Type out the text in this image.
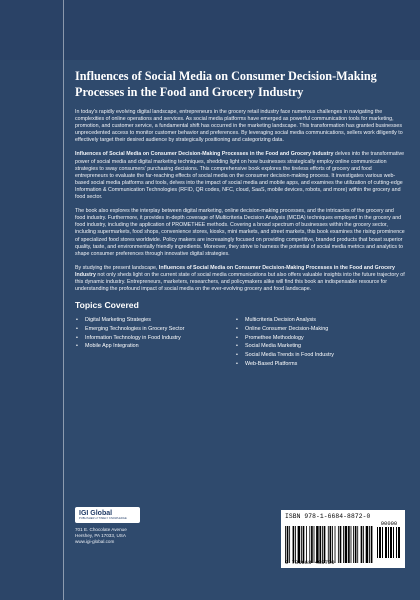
Influences of Social Media on Consumer Decision-Making Processes in the Food and Grocery Industry

In today's rapidly evolving digital landscape, entrepreneurs in the grocery retail industry face numerous challenges in navigating the complexities of online operations and services. As social media platforms have emerged as powerful communication tools for marketing, promotion, and customer service, a fundamental shift has occurred in the marketing landscape. This transformation has granted businesses unprecedented access to monitor customer behavior and preferences. By leveraging social media communications, sellers work diligently to effectively target their desired audience by strategically positioning and categorizing data.

Influences of Social Media on Consumer Decision-Making Processes in the Food and Grocery Industry delves into the transformative power of social media and digital marketing techniques, shedding light on how businesses strategically employ online communication strategies to sway consumers' purchasing decisions. This comprehensive book explores the tireless efforts of grocery and food entrepreneurs to evaluate the far-reaching effects of social media on the consumer decision-making process. It investigates various web-based social media platforms and tools, delves into the impact of social media and mobile apps, and examines the utilization of cutting-edge Information & Communication Technologies (RFID, QR codes, NFC, cloud, SaaS, mobile devices, robots, and more) within the grocery and food sector.

The book also explores the interplay between digital marketing, online decision-making processes, and the intricacies of the grocery and food industry. Furthermore, it provides in-depth coverage of Multicriteria Decision Analysis (MCDA) techniques employed in the grocery and food industry, including the application of PROMETHEE methods. Covering a broad spectrum of businesses within the grocery sector, including supermarkets, food shops, convenience stores, kiosks, mini markets, and street markets, this book examines the rising prominence of specialized food stores worldwide. Policy makers are increasingly focused on providing competitive, branded products that boast superior quality, taste, and environmentally friendly ingredients. Moreover, they strive to harness the potential of social media metrics and analytics to shape consumer preferences through innovative digital strategies.

By studying the present landscape, Influences of Social Media on Consumer Decision-Making Processes in the Food and Grocery Industry not only sheds light on the current state of social media communications but also offers valuable insights into the future trajectory of this dynamic industry. Entrepreneurs, marketers, researchers, and policymakers alike will find this book an indispensable resource for understanding the profound impact of social media on the ever-evolving grocery and food landscape.

Topics Covered
• Digital Marketing Strategies
• Emerging Technologies in Grocery Sector
• Information Technology in Food Industry
• Mobile App Integration
• Multicriteria Decision Analysis
• Online Consumer Decision-Making
• Promethee Methodology
• Social Media Marketing
• Social Media Trends in Food Industry
• Web-Based Platforms
IGI Global
PUBLISHER of TIMELY KNOWLEDGE
701 E. Chocolate Avenue
Hershey, PA 17033, USA
www.igi-global.com
ISBN 978-1-6684-8872-0
90000
9 781668 488720
